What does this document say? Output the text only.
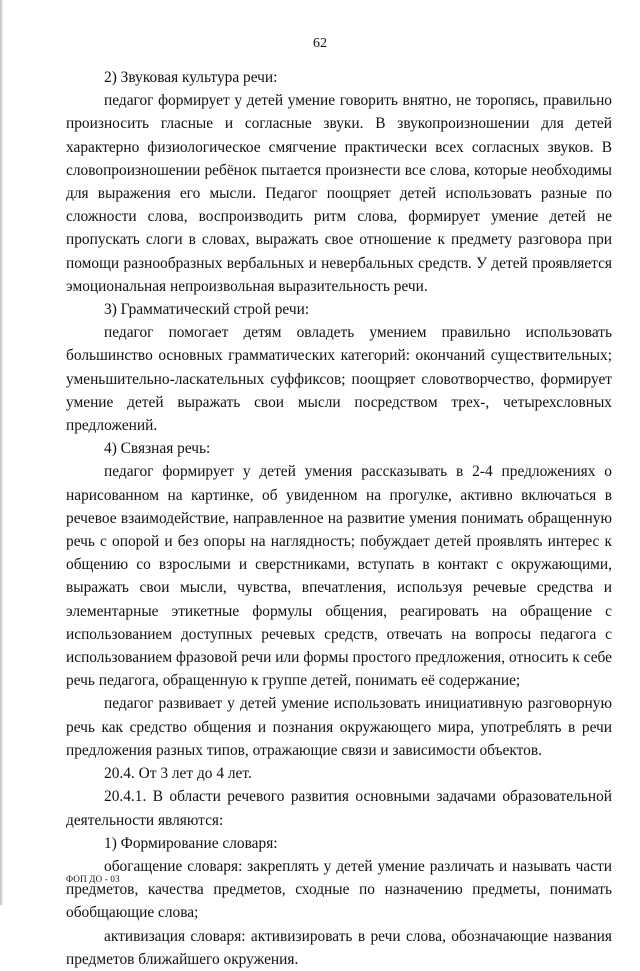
62

2) Звуковая культура речи:

педагог формирует у детей умение говорить внятно, не торопясь, правильно произносить гласные и согласные звуки. В звукопроизношении для детей характерно физиологическое смягчение практически всех согласных звуков. В словопроизношении ребёнок пытается произнести все слова, которые необходимы для выражения его мысли. Педагог поощряет детей использовать разные по сложности слова, воспроизводить ритм слова, формирует умение детей не пропускать слоги в словах, выражать свое отношение к предмету разговора при помощи разнообразных вербальных и невербальных средств. У детей проявляется эмоциональная непроизвольная выразительность речи.

3) Грамматический строй речи:

педагог помогает детям овладеть умением правильно использовать большинство основных грамматических категорий: окончаний существительных; уменьшительно-ласкательных суффиксов; поощряет словотворчество, формирует умение детей выражать свои мысли посредством трех-, четырехсловных предложений.

4) Связная речь:

педагог формирует у детей умения рассказывать в 2-4 предложениях о нарисованном на картинке, об увиденном на прогулке, активно включаться в речевое взаимодействие, направленное на развитие умения понимать обращенную речь с опорой и без опоры на наглядность; побуждает детей проявлять интерес к общению со взрослыми и сверстниками, вступать в контакт с окружающими, выражать свои мысли, чувства, впечатления, используя речевые средства и элементарные этикетные формулы общения, реагировать на обращение с использованием доступных речевых средств, отвечать на вопросы педагога с использованием фразовой речи или формы простого предложения, относить к себе речь педагога, обращенную к группе детей, понимать её содержание;

педагог развивает у детей умение использовать инициативную разговорную речь как средство общения и познания окружающего мира, употреблять в речи предложения разных типов, отражающие связи и зависимости объектов.

20.4. От 3 лет до 4 лет.

20.4.1. В области речевого развития основными задачами образовательной деятельности являются:

1) Формирование словаря:

обогащение словаря: закреплять у детей умение различать и называть части предметов, качества предметов, сходные по назначению предметы, понимать обобщающие слова;

активизация словаря: активизировать в речи слова, обозначающие названия предметов ближайшего окружения.

ФОП ДО - 03
